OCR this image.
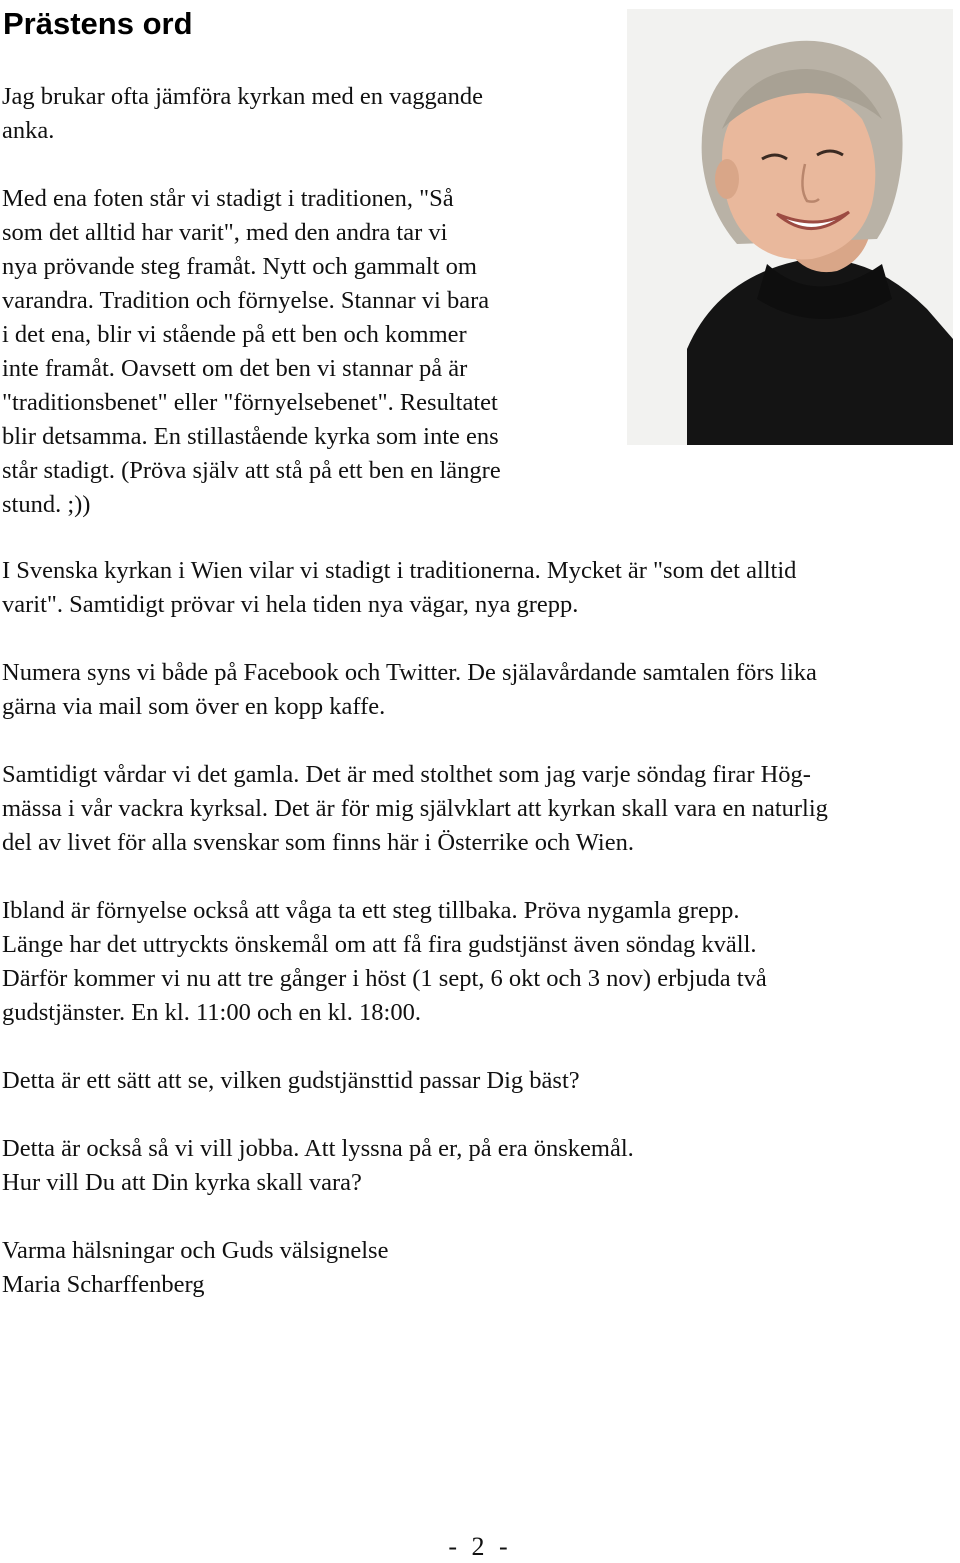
Prästens ord

Jag brukar ofta jämföra kyrkan med en vaggande
anka.

Med ena foten står vi stadigt i traditionen, "Så
som det alltid har varit", med den andra tar vi
nya prövande steg framåt. Nytt och gammalt om
varandra. Tradition och förnyelse. Stannar vi bara
i det ena, blir vi stående på ett ben och kommer
inte framåt. Oavsett om det ben vi stannar på är
"traditionsbenet" eller "förnyelsebenet". Resultatet
blir detsamma. En stillastående kyrka som inte ens
står stadigt. (Pröva själv att stå på ett ben en längre
stund. ;))

I Svenska kyrkan i Wien vilar vi stadigt i traditionerna. Mycket är "som det alltid
varit". Samtidigt prövar vi hela tiden nya vägar, nya grepp.

Numera syns vi både på Facebook och Twitter. De själavårdande samtalen förs lika
gärna via mail som över en kopp kaffe.

Samtidigt vårdar vi det gamla. Det är med stolthet som jag varje söndag firar Hög-
mässa i vår vackra kyrksal. Det är för mig självklart att kyrkan skall vara en naturlig
del av livet för alla svenskar som finns här i Österrike och Wien.

Ibland är förnyelse också att våga ta ett steg tillbaka. Pröva nygamla grepp.
Länge har det uttryckts önskemål om att få fira gudstjänst även söndag kväll.
Därför kommer vi nu att tre gånger i höst (1 sept, 6 okt och 3 nov) erbjuda två
gudstjänster. En kl. 11:00 och en kl. 18:00.

Detta är ett sätt att se, vilken gudstjänsttid passar Dig bäst?

Detta är också så vi vill jobba. Att lyssna på er, på era önskemål.
Hur vill Du att Din kyrka skall vara?

Varma hälsningar och Guds välsignelse
Maria Scharffenberg

- 2 -
